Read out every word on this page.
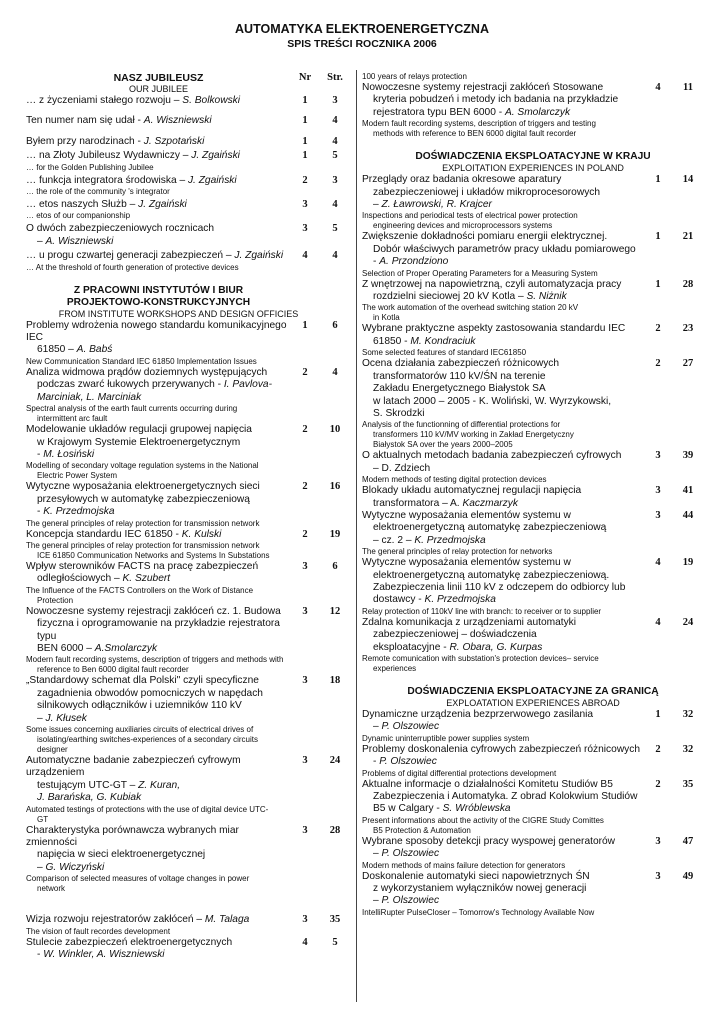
AUTOMATYKA ELEKTROENERGETYCZNA
SPIS TREŚCI ROCZNIKA 2006
NASZ JUBILEUSZ	Nr	Str.
OUR JUBILEE
… z życzeniami stałego rozwoju – S. Bolkowski	1	3
Ten numer nam się udał - A. Wiszniewski	1	4
Byłem przy narodzinach - J. Szpotański	1	4
… na Złoty Jubileusz Wydawniczy – J. Zgaiński	1	5
… for the Golden Publishing Jubilee
… funkcja integratora środowiska – J. Zgaiński	2	3
… the role of the community 's integrator
… etos naszych Służb – J. Zgaiński	3	4
… etos of our companionship
O dwóch zabezpieczeniowych rocznicach
– A. Wiszniewski
3	5
… u progu czwartej generacji zabezpieczeń – J. Zgaiński	4	4
… At the threshold of fourth generation of protective devices
Z PRACOWNI INSTYTUTÓW I BIUR
PROJEKTOWO-KONSTRUKCYJNYCH
FROM INSTITUTE WORKSHOPS AND DESIGN OFFICIES
Problemy wdrożenia nowego standardu komunikacyjnego IEC
61850 – A. Babś
1	6
New Communication Standard IEC 61850 Implementation Issues
Analiza widmowa prądów doziemnych występujących
podczas zwarć łukowych przerywanych - I. Pavlova-
Marciniak, L. Marciniak
2	4
Spectral analysis of the earth fault currents occurring during
intermittent arc fault
Modelowanie układów regulacji grupowej napięcia
w Krajowym Systemie Elektroenergetycznym
- M. Łosiński
2	10
Modelling of secondary voltage regulation systems in the National
Electric Power System
Wytyczne wyposażania elektroenergetycznych sieci
przesyłowych w automatykę zabezpieczeniową
- K. Przedmojska
2	16
The general principles of relay protection for transmission network
Koncepcja standardu IEC 61850 - K. Kulski	2	19
The general principles of relay protection for transmission network
ICE 61850 Communication Networks and Systems In Substations
Wpływ sterowników FACTS na pracę zabezpieczeń
odległościowych – K. Szubert
3	6
The Influence of the FACTS Controllers on the Work of Distance
Protection
Nowoczesne systemy rejestracji zakłóceń cz. 1. Budowa
fizyczna i oprogramowanie na przykładzie rejestratora typu
BEN 6000 – A.Smolarczyk
3	12
Modern fault recording systems, description of triggers and methods with
reference to Ben 6000 digital fault recorder
„Standardowy schemat dla Polski" czyli specyficzne
zagadnienia obwodów pomocniczych w napędach
silnikowych odłączników i uziemników 110 kV
– J. Kłusek
3	18
Some issues concerning auxiliaries circuits of electrical drives of
isolating/earthing switches-experiences of a secondary circuits
designer
Automatyczne badanie zabezpieczeń cyfrowym urządzeniem
testującym UTC-GT – Z. Kuran,
J. Barańska, G. Kubiak
3	24
Automated testings of protections with the use of digital device UTC-
GT
Charakterystyka porównawcza wybranych miar zmienności
napięcia w sieci elektroenergetycznej
– G. Wiczyński
3	28
Comparison of selected measures of voltage changes in power
network
Wizja rozwoju rejestratorów zakłóceń – M. Talaga	3	35
The vision of fault recordes development
Stulecie zabezpieczeń elektroenergetycznych
- W. Winkler, A. Wiszniewski
4	5
100 years of relays protection
Nowoczesne systemy rejestracji zakłóceń Stosowane
kryteria pobudzeń i metody ich badania na przykładzie
rejestratora typu BEN 6000 - A. Smolarczyk
4	11
Modern fault recording systems, description of triggers and testing
methods with reference to BEN 6000 digital fault recorder
DOŚWIADCZENIA EKSPLOATACYJNE W KRAJU
EXPLOITATION EXPERIENCES IN POLAND
Przeglądy oraz badania okresowe aparatury
zabezpieczeniowej i układów mikroprocesorowych
– Z. Ławrowski, R. Krajcer
1	14
Inspections and periodical tests of electrical power protection
engineering devices and microprocessors systems
Zwiększenie dokładności pomiaru energii elektrycznej.
Dobór właściwych parametrów pracy układu pomiarowego
- A. Przondziono
1	21
Selection of Proper Operating Parameters for a Measuring System
Z wnętrzowej na napowietrzną, czyli automatyzacja pracy
rozdzielni sieciowej 20 kV Kotla – S. Niżnik
1	28
The work automation of the overhead switching station 20 kV
in Kotla
Wybrane praktyczne aspekty zastosowania standardu IEC
61850 - M. Kondraciuk
2	23
Some selected features of standard IEC61850
Ocena działania zabezpieczeń różnicowych
transformatorów 110 kV/ŚN na terenie
Zakładu Energetycznego Białystok SA
w latach 2000 – 2005 - K. Woliński, W. Wyrzykowski,
S. Skrodzki
2	27
Analysis of the functionning of differential protections for
transformers 110 kV/MV working in Zakład Energetyczny
Białystok SA over the years 2000–2005
O aktualnych metodach badania zabezpieczeń cyfrowych
– D. Zdziech
3	39
Modern methods of testing digital protection devices
Blokady układu automatycznej regulacji napięcia
transformatora – A. Kaczmarzyk
3	41
Wytyczne wyposażania elementów systemu w
elektroenergetyczną automatykę zabezpieczeniową
– cz. 2 – K. Przedmojska
3	44
The general principles of relay protection for networks
Wytyczne wyposażania elementów systemu w
elektroenergetyczną automatykę zabezpieczeniową.
Zabezpieczenia linii 110 kV z odczepem do odbiorcy lub
dostawcy - K. Przedmojska
4	19
Relay protection of 110kV line with branch: to receiver or to supplier
Zdalna komunikacja z urządzeniami automatyki
zabezpieczeniowej – doświadczenia
eksploatacyjne - R. Obara, G. Kurpas
4	24
Remote comunication with substation's protection devices– service
experiences
DOŚWIADCZENIA EKSPLOATACYJNE ZA GRANICĄ
EXPLOATATION EXPERIENCES ABROAD
Dynamiczne urządzenia bezprzerwowego zasilania
– P. Olszowiec
1	32
Dynamic uninterruptible power supplies system
Problemy doskonalenia cyfrowych zabezpieczeń różnicowych
- P. Olszowiec
2	32
Problems of digital differential protections development
Aktualne informacje o działalności Komitetu Studiów B5
Zabezpieczenia i Automatyka. Z obrad Kolokwium Studiów
B5 w Calgary - S. Wróblewska
2	35
Present informations about the activity of the CIGRE Study Comittes
B5 Protection & Automation
Wybrane sposoby detekcji pracy wyspowej generatorów
– P. Olszowiec
3	47
Modern methods of mains failure detection for generators
Doskonalenie automatyki sieci napowietrznych ŚN
z wykorzystaniem wyłączników nowej generacji
– P. Olszowiec
3	49
IntelliRupter PulseCloser – Tomorrow's Technology Available Now
